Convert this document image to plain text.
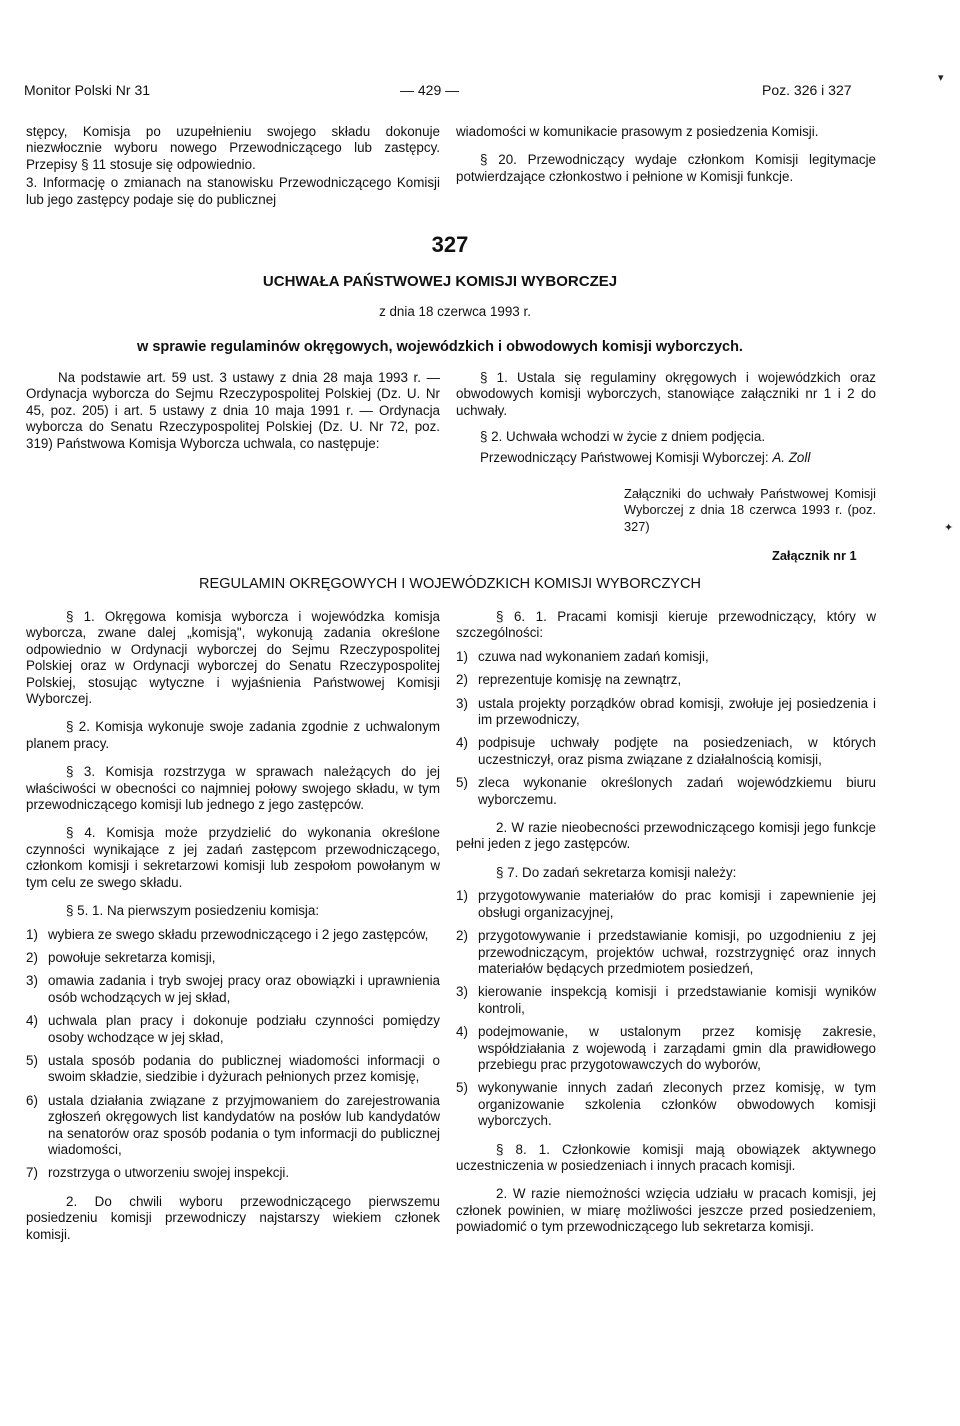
Monitor Polski Nr 31	— 429 —	Poz. 326 i 327

stępcy, Komisja po uzupełnieniu swojego składu dokonuje niezwłocznie wyboru nowego Przewodniczącego lub zastępcy. Przepisy § 11 stosuje się odpowiednio.

3. Informację o zmianach na stanowisku Przewodniczącego Komisji lub jego zastępcy podaje się do publicznej

wiadomości w komunikacie prasowym z posiedzenia Komisji.

§ 20. Przewodniczący wydaje członkom Komisji legitymacje potwierdzające członkostwo i pełnione w Komisji funkcje.

327
UCHWAŁA PAŃSTWOWEJ KOMISJI WYBORCZEJ
z dnia 18 czerwca 1993 r.
w sprawie regulaminów okręgowych, wojewódzkich i obwodowych komisji wyborczych.

Na podstawie art. 59 ust. 3 ustawy z dnia 28 maja 1993 r. — Ordynacja wyborcza do Sejmu Rzeczypospolitej Polskiej (Dz. U. Nr 45, poz. 205) i art. 5 ustawy z dnia 10 maja 1991 r. — Ordynacja wyborcza do Senatu Rzeczypospolitej Polskiej (Dz. U. Nr 72, poz. 319) Państwowa Komisja Wyborcza uchwala, co następuje:

§ 1. Ustala się regulaminy okręgowych i wojewódzkich oraz obwodowych komisji wyborczych, stanowiące załączniki nr 1 i 2 do uchwały.

§ 2. Uchwała wchodzi w życie z dniem podjęcia.

Przewodniczący Państwowej Komisji Wyborczej: A. Zoll

Załączniki do uchwały Państwowej Komisji Wyborczej z dnia 18 czerwca 1993 r. (poz. 327)
Załącznik nr 1
REGULAMIN OKRĘGOWYCH I WOJEWÓDZKICH KOMISJI WYBORCZYCH

§ 1. Okręgowa komisja wyborcza i wojewódzka komisja wyborcza, zwane dalej „komisją", wykonują zadania określone odpowiednio w Ordynacji wyborczej do Sejmu Rzeczypospolitej Polskiej oraz w Ordynacji wyborczej do Senatu Rzeczypospolitej Polskiej, stosując wytyczne i wyjaśnienia Państwowej Komisji Wyborczej.

§ 2. Komisja wykonuje swoje zadania zgodnie z uchwalonym planem pracy.

§ 3. Komisja rozstrzyga w sprawach należących do jej właściwości w obecności co najmniej połowy swojego składu, w tym przewodniczącego komisji lub jednego z jego zastępców.

§ 4. Komisja może przydzielić do wykonania określone czynności wynikające z jej zadań zastępcom przewodniczącego, członkom komisji i sekretarzowi komisji lub zespołom powołanym w tym celu ze swego składu.

§ 5. 1. Na pierwszym posiedzeniu komisja:

1) wybiera ze swego składu przewodniczącego i 2 jego zastępców,
2) powołuje sekretarza komisji,
3) omawia zadania i tryb swojej pracy oraz obowiązki i uprawnienia osób wchodzących w jej skład,
4) uchwala plan pracy i dokonuje podziału czynności pomiędzy osoby wchodzące w jej skład,
5) ustala sposób podania do publicznej wiadomości informacji o swoim składzie, siedzibie i dyżurach pełnionych przez komisję,
6) ustala działania związane z przyjmowaniem do zarejestrowania zgłoszeń okręgowych list kandydatów na posłów lub kandydatów na senatorów oraz sposób podania o tym informacji do publicznej wiadomości,
7) rozstrzyga o utworzeniu swojej inspekcji.

2. Do chwili wyboru przewodniczącego pierwszemu posiedzeniu komisji przewodniczy najstarszy wiekiem członek komisji.

§ 6. 1. Pracami komisji kieruje przewodniczący, który w szczególności:

1) czuwa nad wykonaniem zadań komisji,
2) reprezentuje komisję na zewnątrz,
3) ustala projekty porządków obrad komisji, zwołuje jej posiedzenia i im przewodniczy,
4) podpisuje uchwały podjęte na posiedzeniach, w których uczestniczył, oraz pisma związane z działalnością komisji,
5) zleca wykonanie określonych zadań wojewódzkiemu biuru wyborczemu.

2. W razie nieobecności przewodniczącego komisji jego funkcje pełni jeden z jego zastępców.

§ 7. Do zadań sekretarza komisji należy:

1) przygotowywanie materiałów do prac komisji i zapewnienie jej obsługi organizacyjnej,
2) przygotowywanie i przedstawianie komisji, po uzgodnieniu z jej przewodniczącym, projektów uchwał, rozstrzygnięć oraz innych materiałów będących przedmiotem posiedzeń,
3) kierowanie inspekcją komisji i przedstawianie komisji wyników kontroli,
4) podejmowanie, w ustalonym przez komisję zakresie, współdziałania z wojewodą i zarządami gmin dla prawidłowego przebiegu prac przygotowawczych do wyborów,
5) wykonywanie innych zadań zleconych przez komisję, w tym organizowanie szkolenia członków obwodowych komisji wyborczych.

§ 8. 1. Członkowie komisji mają obowiązek aktywnego uczestniczenia w posiedzeniach i innych pracach komisji.

2. W razie niemożności wzięcia udziału w pracach komisji, jej członek powinien, w miarę możliwości jeszcze przed posiedzeniem, powiadomić o tym przewodniczącego lub sekretarza komisji.

▾
✦
